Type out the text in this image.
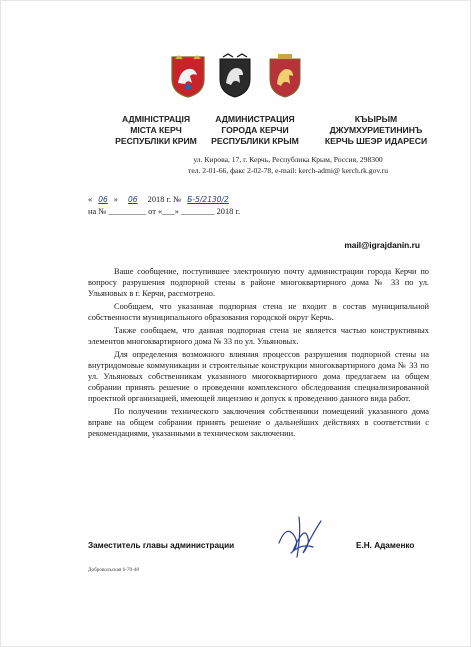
АДМІНІСТРАЦІЯ
МІСТА КЕРЧ
РЕСПУБЛІКИ КРИМ
АДМИНИСТРАЦИЯ
ГОРОДА КЕРЧИ
РЕСПУБЛИКИ КРЫМ
КЪЫРЫМ
ДЖУМХУРИЕТИНИНЪ
КЕРЧЬ ШЕЭР ИДАРЕСИ
ул. Кирова, 17, г. Керчь, Республика Крым, Россия, 298300
тел. 2-01-66, факс 2-02-78, e-mail: kerch-admi@ kerch.rk.gov.ru
« 06 » 06 2018 г. № Б-5/2130/2
на № _________ от «___» ________ 2018 г.
mail@igrajdanin.ru

Ваше сообщение, поступившее электронную почту администрации города Керчи по вопросу разрушения подпорной стены в районе многоквартирного дома № 33 по ул. Ульяновых в г. Керчи, рассмотрено.

Сообщаем, что указанная подпорная стена не входит в состав муниципальной собственности муниципального образования городской округ Керчь.

Также сообщаем, что данная подпорная стена не является частью конструктивных элементов многоквартирного дома № 33 по ул. Ульяновых.

Для определения возможного влияния процессов разрушения подпорной стены на внутридомовые коммуникации и строительные конструкции многоквартирного дома № 33 по ул. Ульяновых собственникам указанного многоквартирного дома предлагаем на общем собрании принять решение о проведении комплексного обследования специализированной проектной организацией, имеющей лицензию и допуск к проведению данного вида работ.

По получении технического заключения собственники помещений указанного дома вправе на общем собрании принять решение о дальнейших действиях в соответствии с рекомендациями, указанными в техническом заключении.

Заместитель главы администрации	Е.Н. Адаменко
Добровольская 6-70-48
